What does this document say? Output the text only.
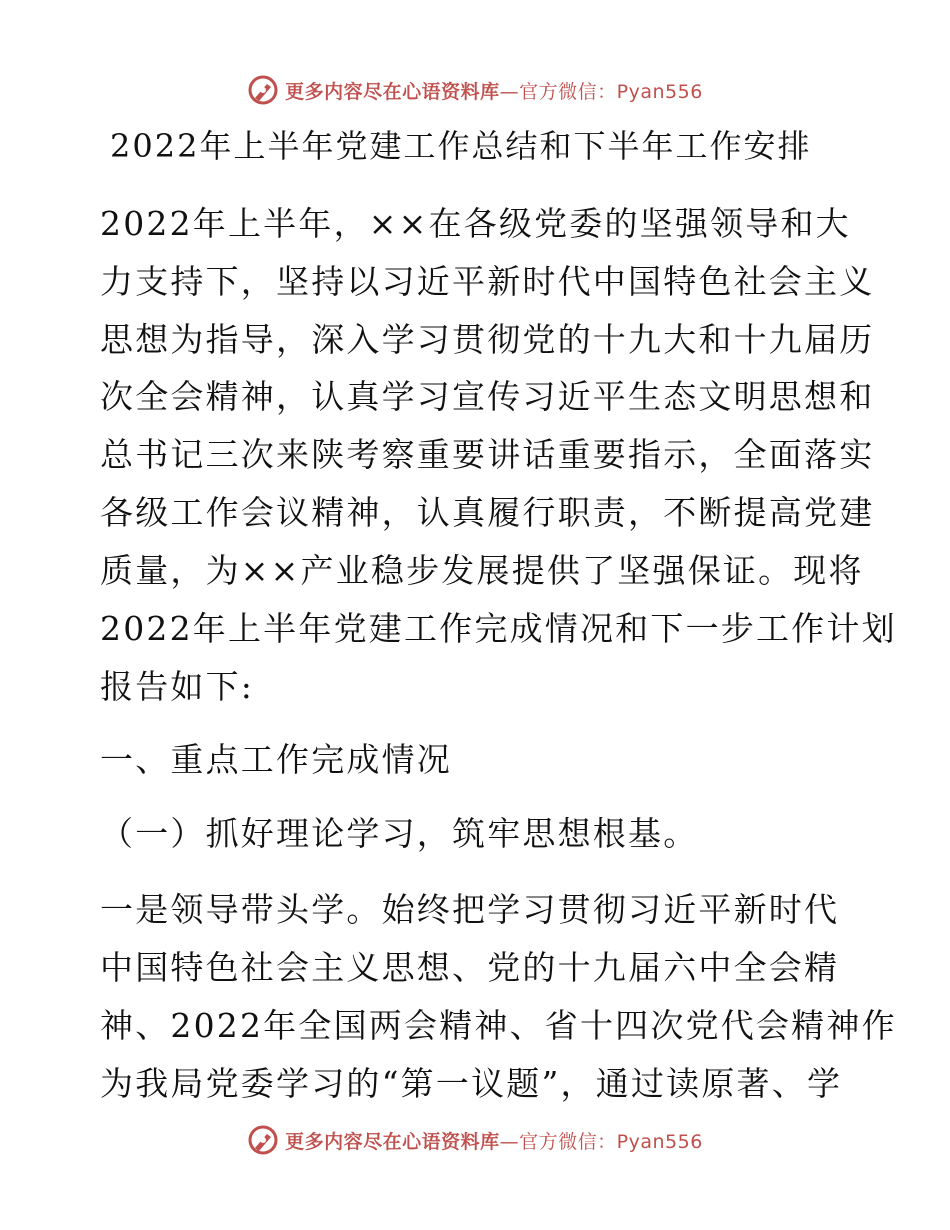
更多内容尽在心语资料库—官方微信：Pyan556
2022年上半年党建工作总结和下半年工作安排
2022年上半年，××在各级党委的坚强领导和大
力支持下，坚持以习近平新时代中国特色社会主义
思想为指导，深入学习贯彻党的十九大和十九届历
次全会精神，认真学习宣传习近平生态文明思想和
总书记三次来陕考察重要讲话重要指示，全面落实
各级工作会议精神，认真履行职责，不断提高党建
质量，为××产业稳步发展提供了坚强保证。现将
2022年上半年党建工作完成情况和下一步工作计划
报告如下:
一、重点工作完成情况
（一）抓好理论学习，筑牢思想根基。
一是领导带头学。始终把学习贯彻习近平新时代
中国特色社会主义思想、党的十九届六中全会精
神、2022年全国两会精神、省十四次党代会精神作
为我局党委学习的“第一议题”，通过读原著、学
更多内容尽在心语资料库—官方微信：Pyan556
